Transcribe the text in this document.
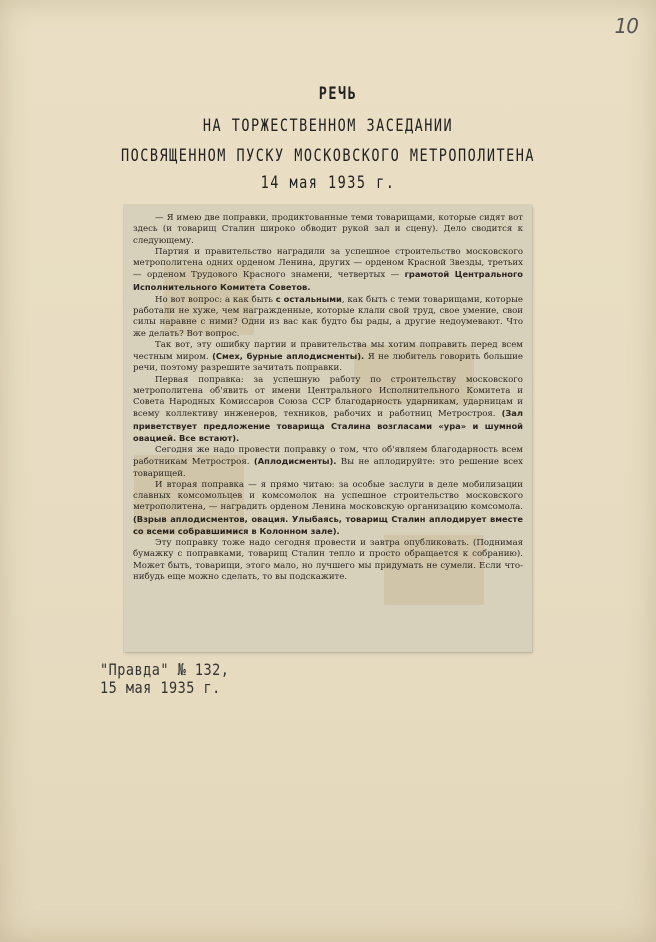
10
РЕЧЬ
НА ТОРЖЕСТВЕННОМ ЗАСЕДАНИИ
ПОСВЯЩЕННОМ ПУСКУ МОСКОВСКОГО МЕТРОПОЛИТЕНА
14 мая 1935 г.

— Я имею две поправки, продиктованные теми товарищами, которые сидят вот здесь (и товарищ Сталин широко обводит рукой зал и сцену). Дело сводится к следующему.

Партия и правительство наградили за успешное строительство московского метрополитена одних орденом Ленина, других — орденом Красной Звезды, третьих — орденом Трудового Красного знамени, четвертых — грамотой Центрального Исполнительного Комитета Советов.

Но вот вопрос: а как быть с остальными, как быть с теми товарищами, которые работали не хуже, чем награжденные, которые клали свой труд, свое умение, свои силы наравне с ними? Одни из вас как будто бы рады, а другие недоумевают. Что же делать? Вот вопрос.

Так вот, эту ошибку партии и правительства мы хотим поправить перед всем честным миром. (Смех, бурные аплодисменты). Я не любитель говорить большие речи, поэтому разрешите зачитать поправки.

Первая поправка: за успешную работу по строительству московского метрополитена об'явить от имени Центрального Исполнительного Комитета и Совета Народных Комиссаров Союза ССР благодарность ударникам, ударницам и всему коллективу инженеров, техников, рабочих и работниц Метростроя. (Зал приветствует предложение товарища Сталина возгласами «ура» и шумной овацией. Все встают).

Сегодня же надо провести поправку о том, что об'являем благодарность всем работникам Метростроя. (Аплодисменты). Вы не аплодируйте: это решение всех товарищей.

И вторая поправка — я прямо читаю: за особые заслуги в деле мобилизации славных комсомольцев и комсомолок на успешное строительство московского метрополитена, — наградить орденом Ленина московскую организацию комсомола. (Взрыв аплодисментов, овация. Улыбаясь, товарищ Сталин аплодирует вместе со всеми собравшимися в Колонном зале).

Эту поправку тоже надо сегодня провести и завтра опубликовать. (Поднимая бумажку с поправками, товарищ Сталин тепло и просто обращается к собранию). Может быть, товарищи, этого мало, но лучшего мы придумать не сумели. Если что-нибудь еще можно сделать, то вы подскажите.

"Правда" № 132,
15 мая 1935 г.
